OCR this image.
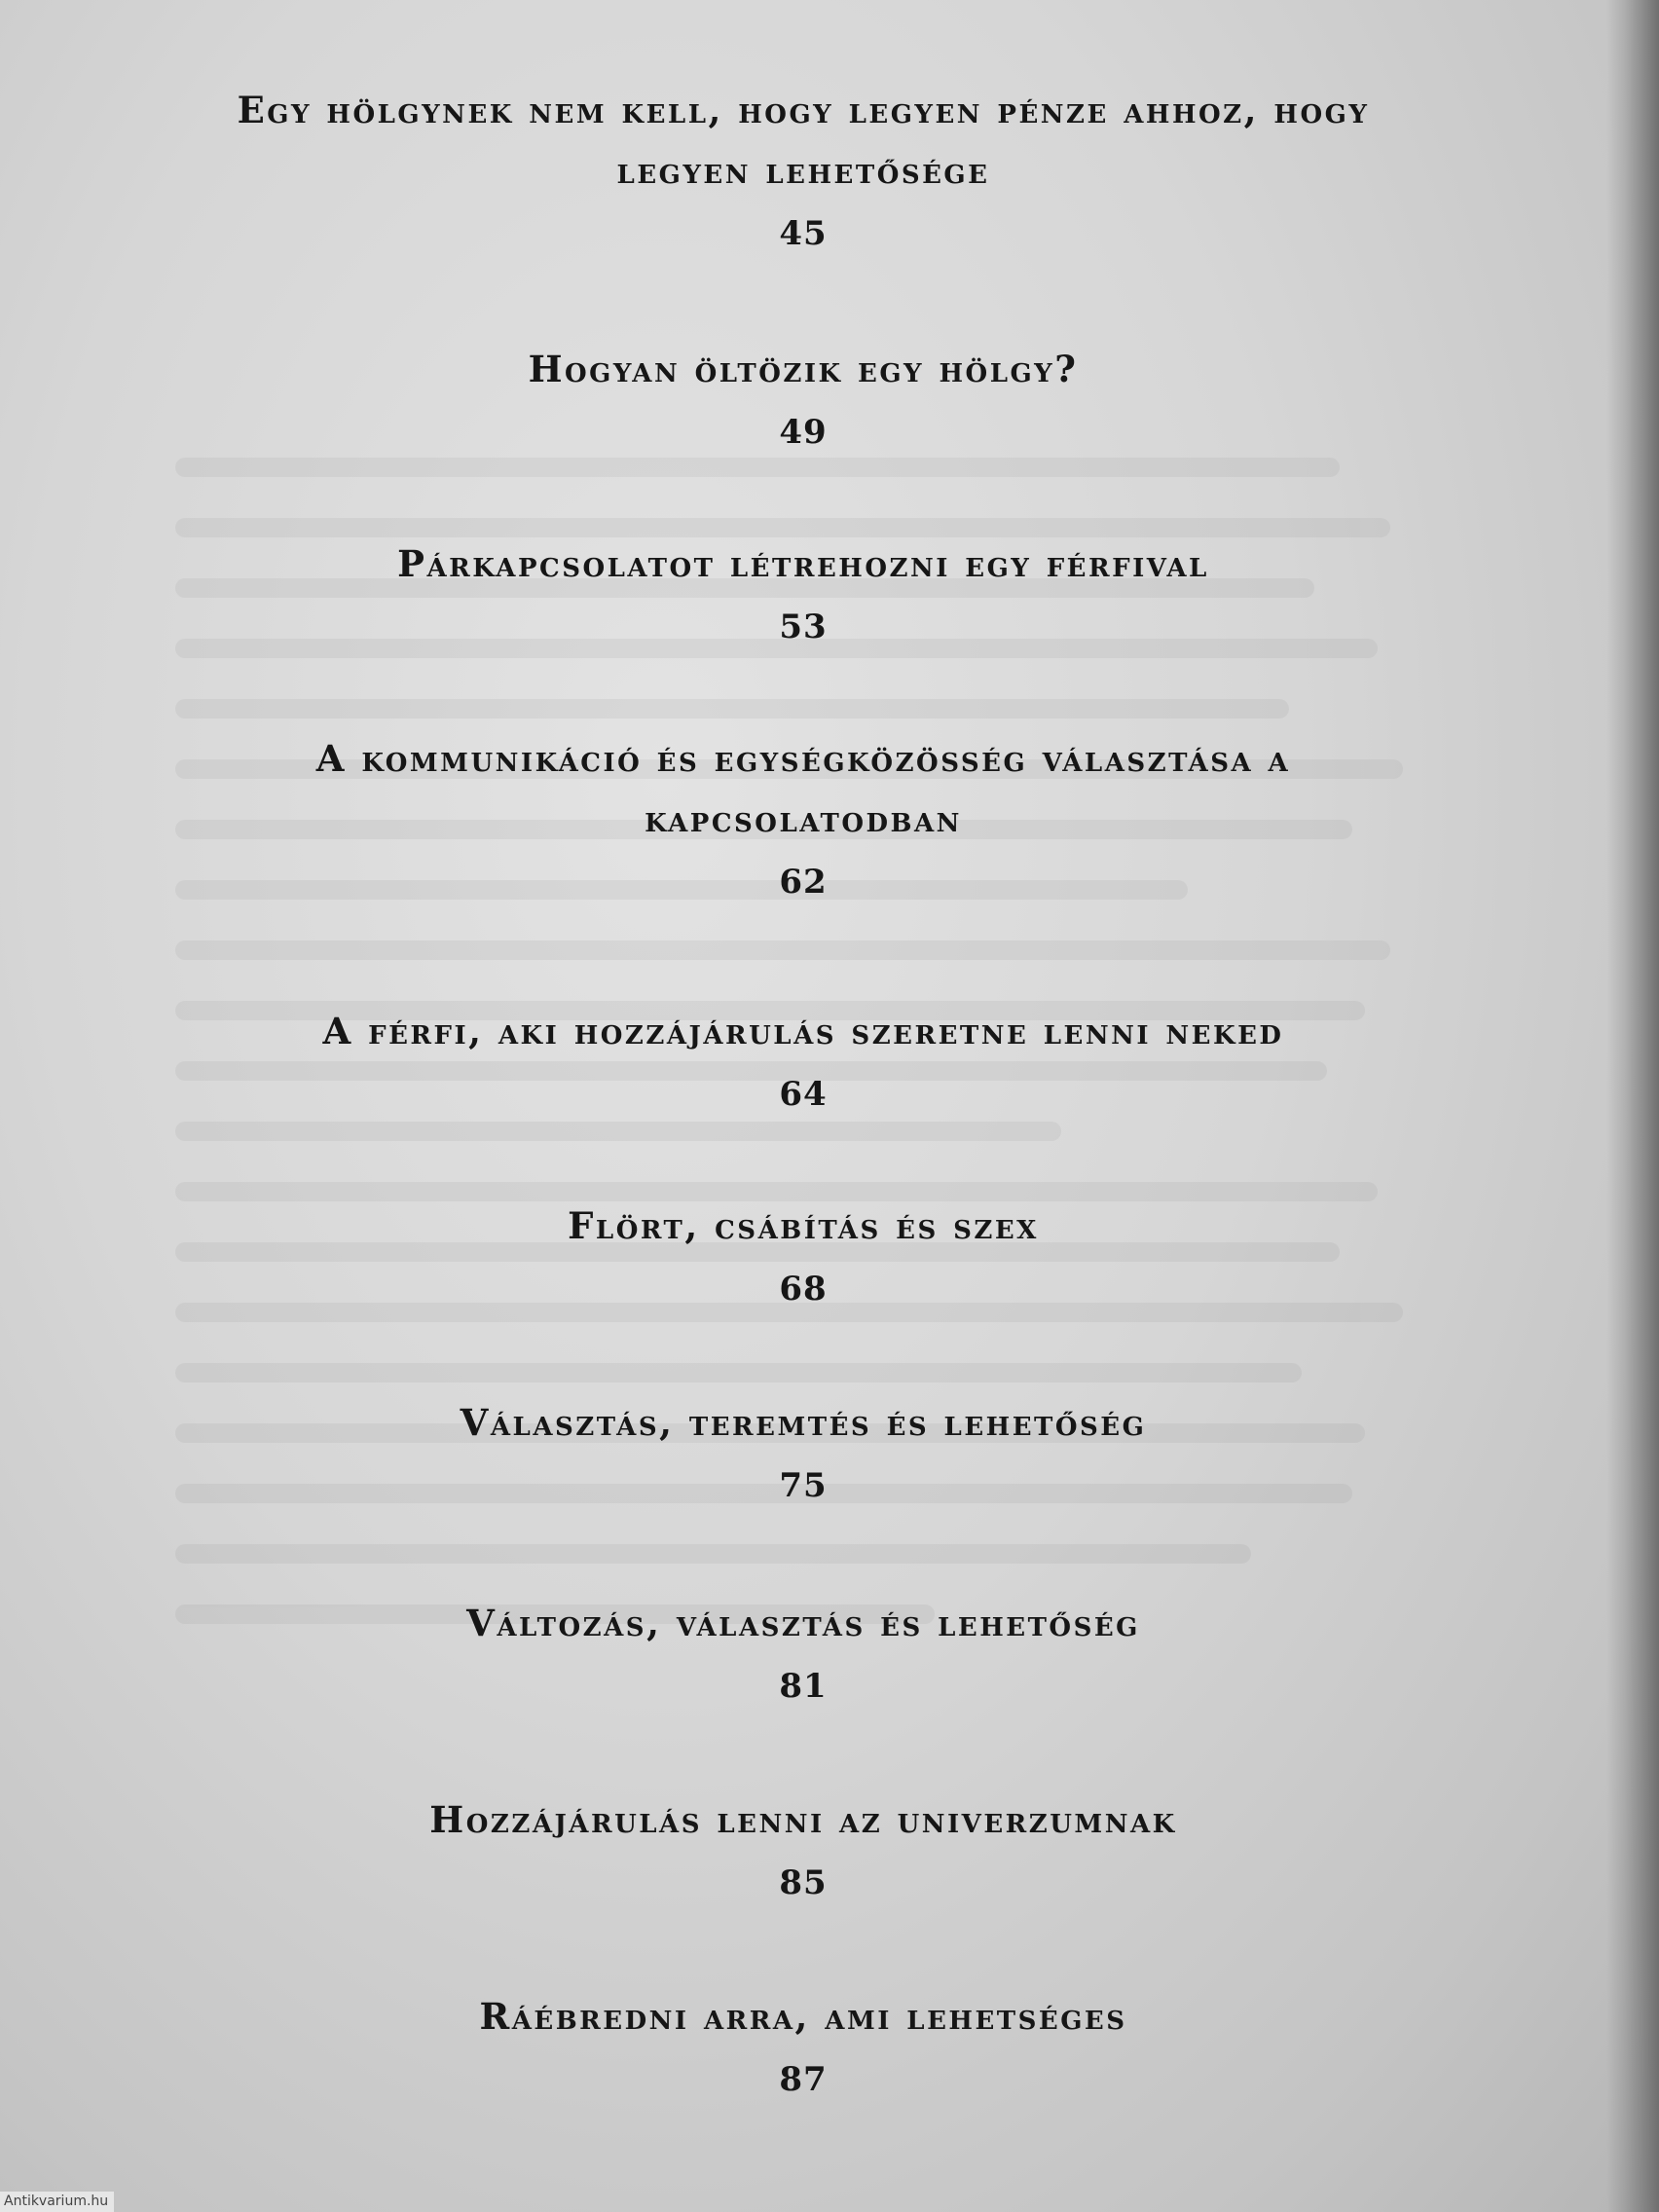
Egy hölgynek nem kell, hogy legyen pénze ahhoz, hogy legyen lehetősége
45
Hogyan öltözik egy hölgy?
49
Párkapcsolatot létrehozni egy férfival
53
A kommunikáció és egységközösség választása a kapcsolatodban
62
A férfi, aki hozzájárulás szeretne lenni neked
64
Flört, csábítás és szex
68
Választás, teremtés és lehetőség
75
Változás, választás és lehetőség
81
Hozzájárulás lenni az univerzumnak
85
Ráébredni arra, ami lehetséges
87
Antikvarium.hu
